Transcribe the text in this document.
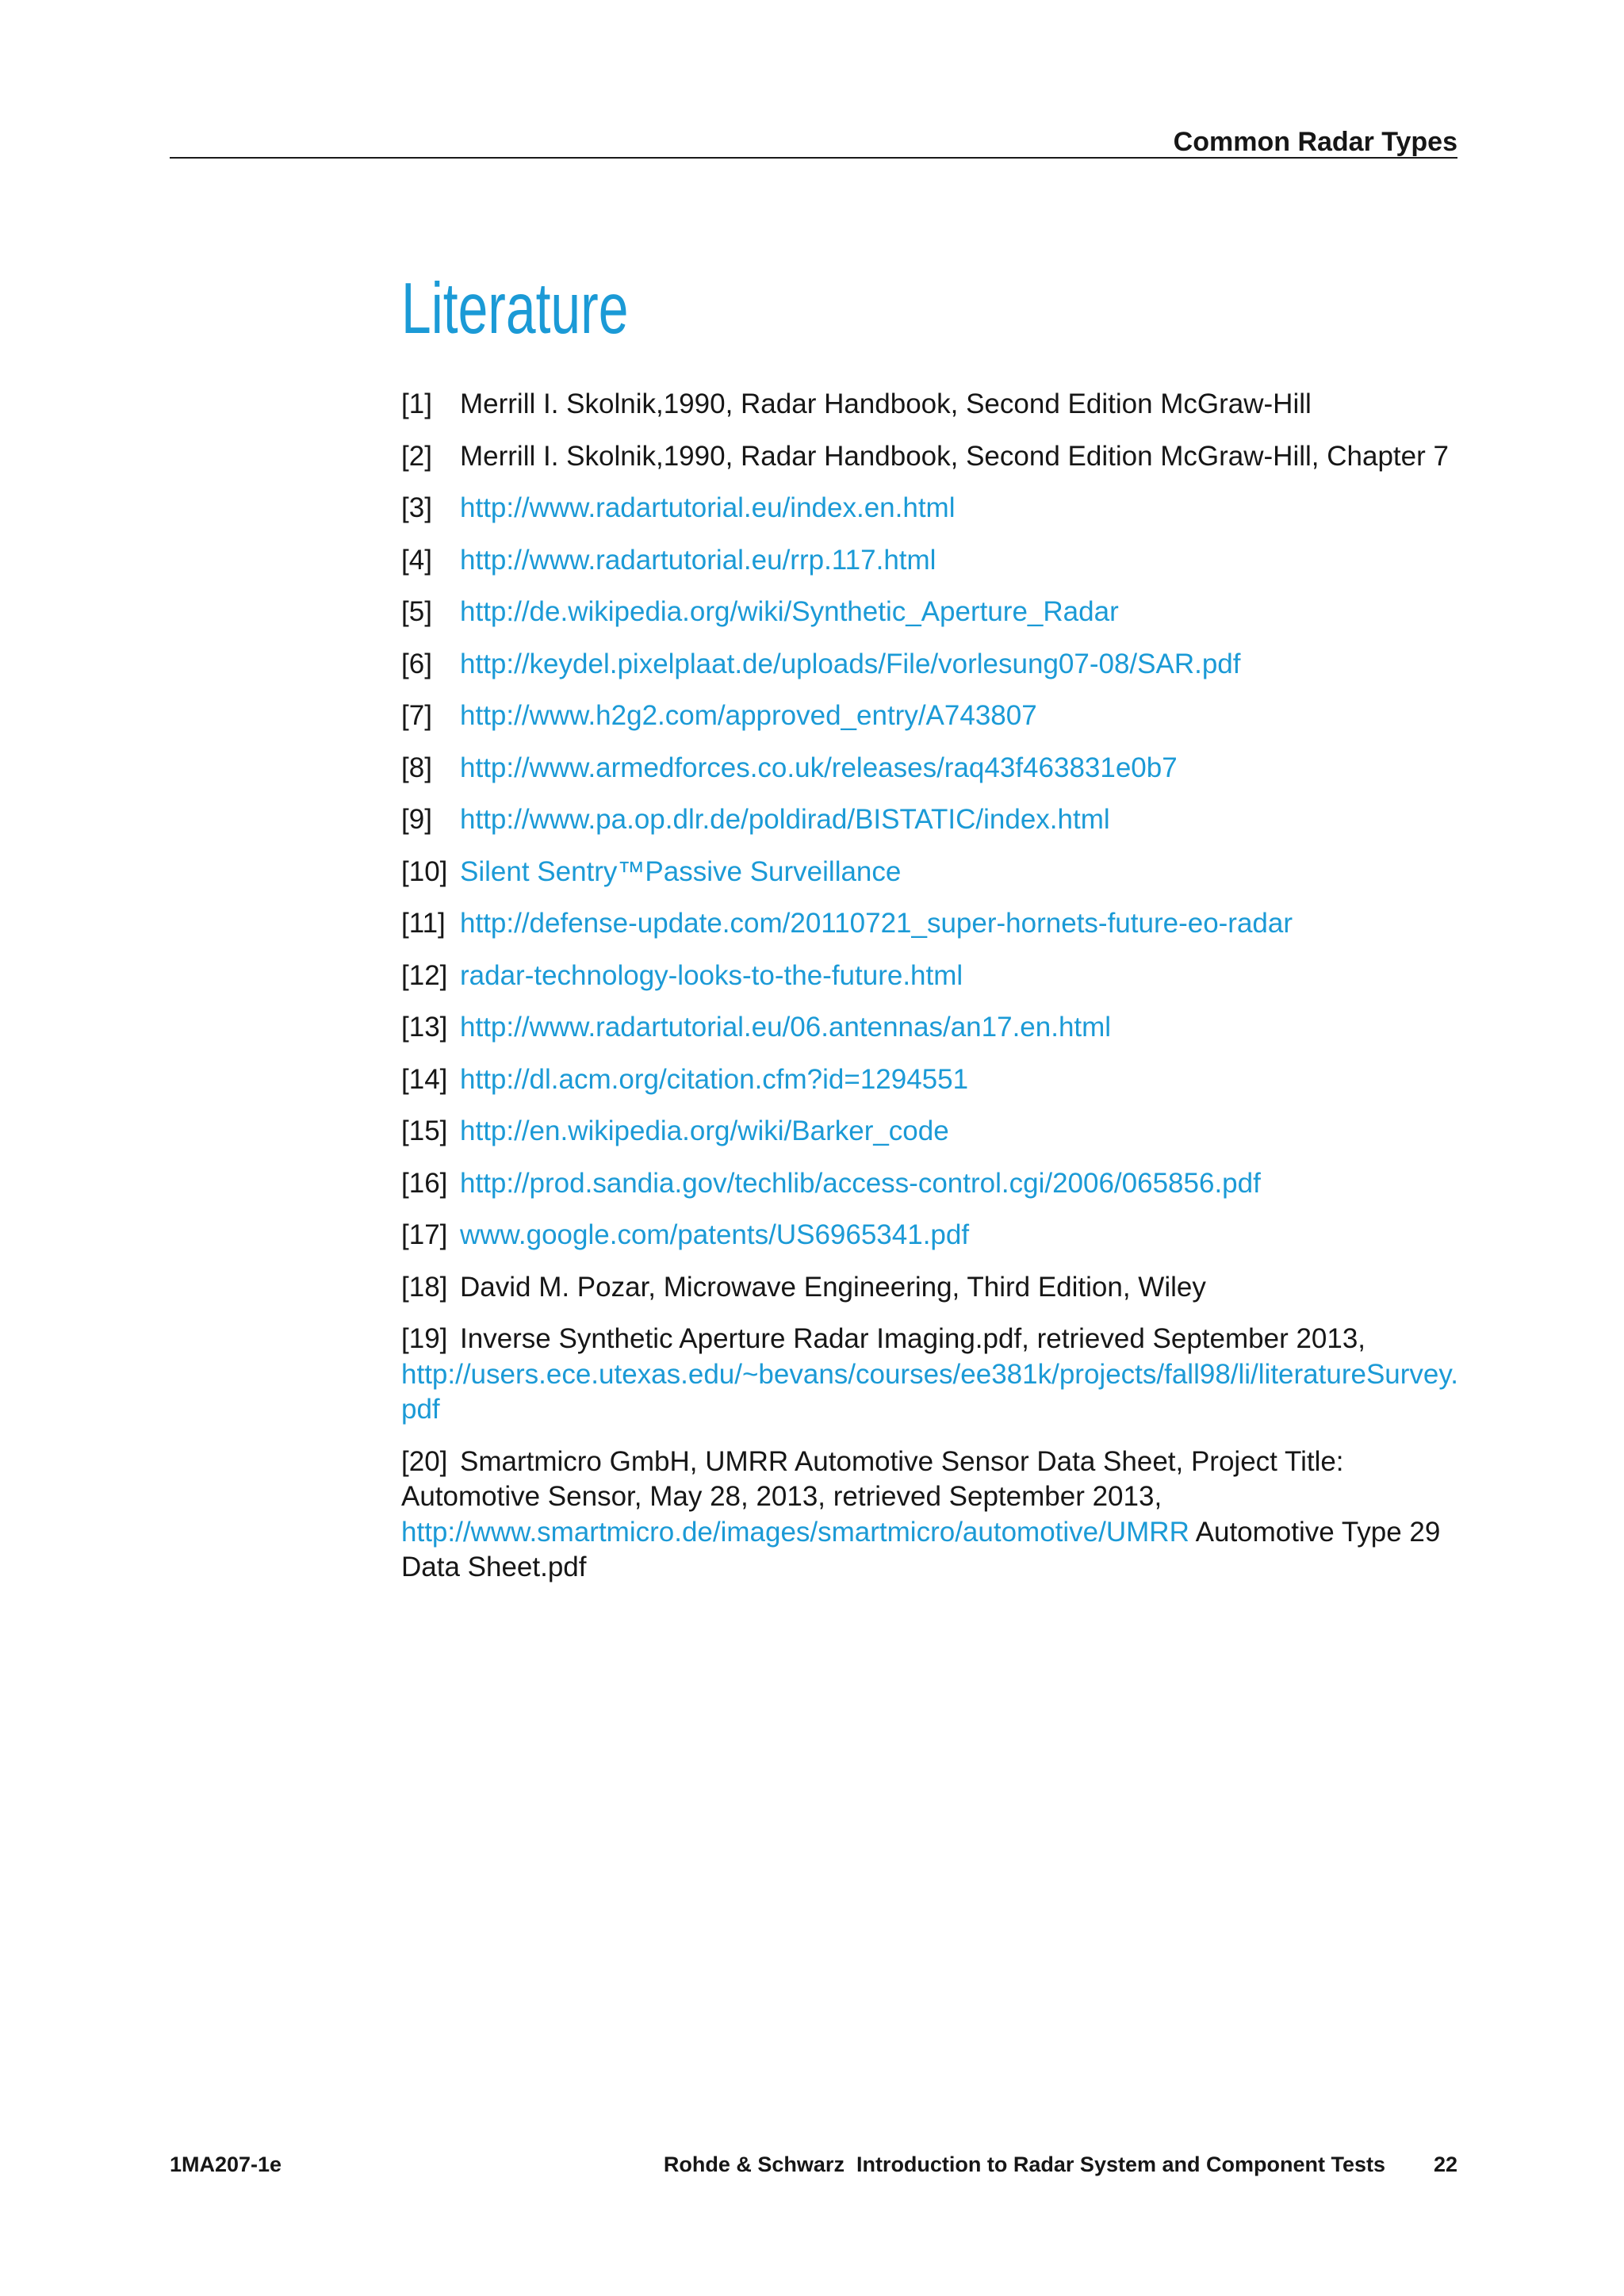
Common Radar Types
Literature
[1] Merrill I. Skolnik,1990, Radar Handbook, Second Edition McGraw-Hill
[2] Merrill I. Skolnik,1990, Radar Handbook, Second Edition McGraw-Hill, Chapter 7
[3] http://www.radartutorial.eu/index.en.html
[4] http://www.radartutorial.eu/rrp.117.html
[5] http://de.wikipedia.org/wiki/Synthetic_Aperture_Radar
[6] http://keydel.pixelplaat.de/uploads/File/vorlesung07-08/SAR.pdf
[7] http://www.h2g2.com/approved_entry/A743807
[8] http://www.armedforces.co.uk/releases/raq43f463831e0b7
[9] http://www.pa.op.dlr.de/poldirad/BISTATIC/index.html
[10] Silent Sentry™Passive Surveillance
[11] http://defense-update.com/20110721_super-hornets-future-eo-radar
[12] radar-technology-looks-to-the-future.html
[13] http://www.radartutorial.eu/06.antennas/an17.en.html
[14] http://dl.acm.org/citation.cfm?id=1294551
[15] http://en.wikipedia.org/wiki/Barker_code
[16] http://prod.sandia.gov/techlib/access-control.cgi/2006/065856.pdf
[17] www.google.com/patents/US6965341.pdf
[18] David M. Pozar, Microwave Engineering, Third Edition, Wiley
[19] Inverse Synthetic Aperture Radar Imaging.pdf, retrieved September 2013,
http://users.ece.utexas.edu/~bevans/courses/ee381k/projects/fall98/li/literatureSurvey.
pdf
[20] Smartmicro GmbH, UMRR Automotive Sensor Data Sheet, Project Title:
Automotive Sensor, May 28, 2013, retrieved September 2013,
http://www.smartmicro.de/images/smartmicro/automotive/UMRR Automotive Type 29
Data Sheet.pdf
1MA207-1e	Rohde & Schwarz  Introduction to Radar System and Component Tests 22
